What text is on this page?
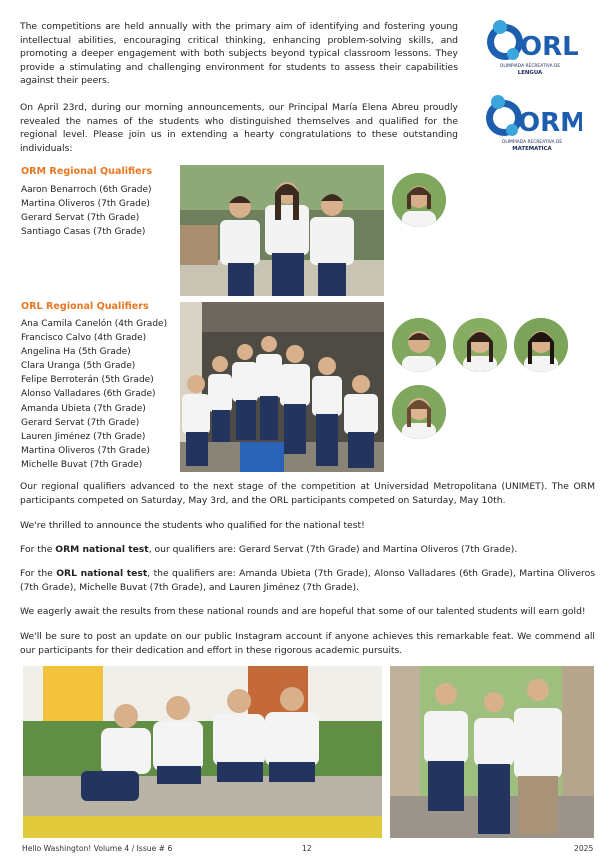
The competitions are held annually with the primary aim of identifying and fostering young intellectual abilities, encouraging critical thinking, enhancing problem-solving skills, and promoting a deeper engagement with both subjects beyond typical classroom lessons. They provide a stimulating and challenging environment for students to assess their capabilities against their peers.

On April 23rd, during our morning announcements, our Principal María Elena Abreu proudly revealed the names of the students who distinguished themselves and qualified for the regional level. Please join us in extending a hearty congratulations to these outstanding individuals:

ORL
OLIMPIADA RECREATIVA DE
LENGUA
ORM
OLIMPIADA RECREATIVA DE
MATEMATICA
ORM Regional Qualifiers
Aaron Benarroch (6th Grade)
Martina Oliveros (7th Grade)
Gerard Servat (7th Grade)
Santiago Casas (7th Grade)
ORL Regional Qualifiers
Ana Camila Canelón (4th Grade)
Francisco Calvo (4th Grade)
Angelina Ha (5th Grade)
Clara Uranga (5th Grade)
Felipe Berroterán (5th Grade)
Alonso Valladares (6th Grade)
Amanda Ubieta (7th Grade)
Gerard Servat (7th Grade)
Lauren Jiménez (7th Grade)
Martina Oliveros (7th Grade)
Michelle Buvat (7th Grade)

Our regional qualifiers advanced to the next stage of the competition at Universidad Metropolitana (UNIMET). The ORM participants competed on Saturday, May 3rd, and the ORL participants competed on Saturday, May 10th.

We're thrilled to announce the students who qualified for the national test!

For the ORM national test, our qualifiers are: Gerard Servat (7th Grade) and Martina Oliveros (7th Grade).

For the ORL national test, the qualifiers are: Amanda Ubieta (7th Grade), Alonso Valladares (6th Grade), Martina Oliveros (7th Grade), Michelle Buvat (7th Grade), and Lauren Jiménez (7th Grade).

We eagerly await the results from these national rounds and are hopeful that some of our talented students will earn gold!

We'll be sure to post an update on our public Instagram account if anyone achieves this remarkable feat. We commend all our participants for their dedication and effort in these rigorous academic pursuits.

Hello Washington! Volume 4 / Issue # 6	12	2025
